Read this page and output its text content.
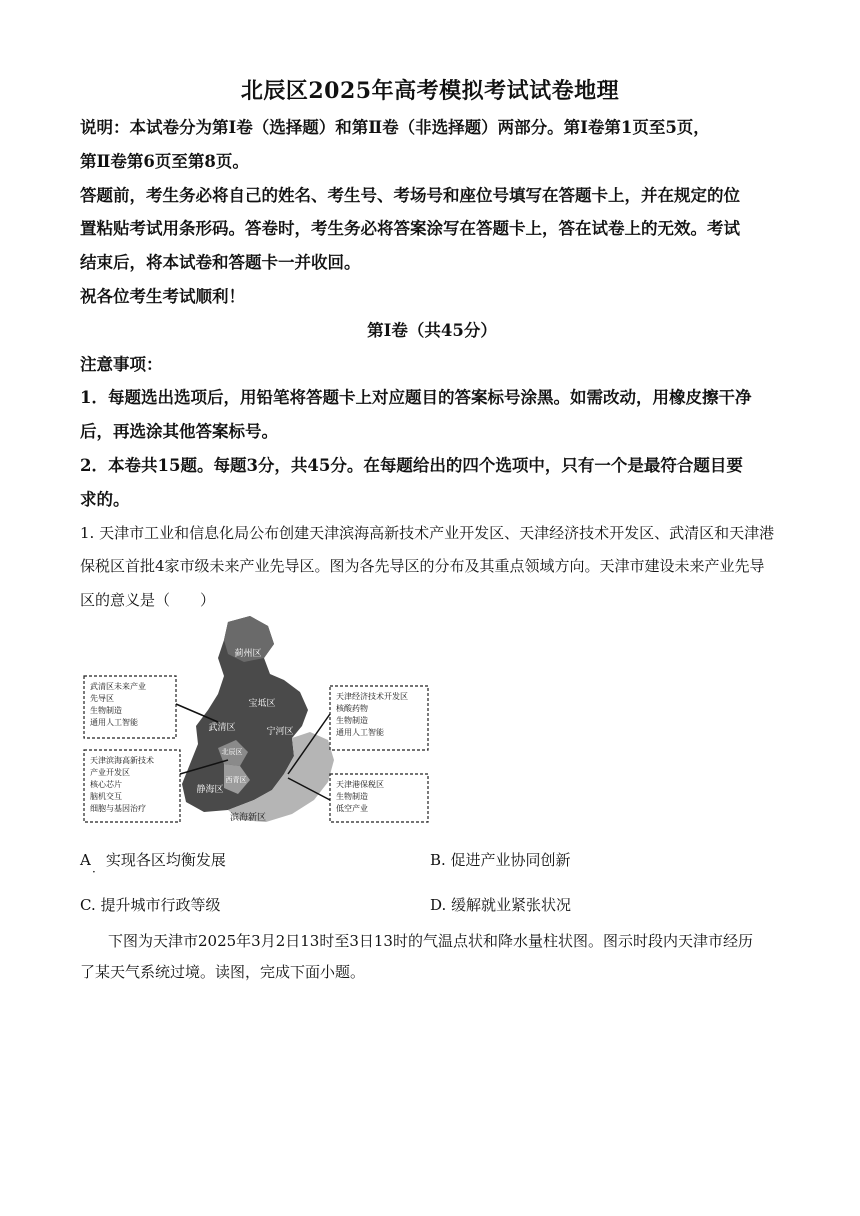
北辰区2025年高考模拟考试试卷地理
说明：本试卷分为第Ⅰ卷（选择题）和第Ⅱ卷（非选择题）两部分。第Ⅰ卷第1页至5页，
第Ⅱ卷第6页至第8页。
答题前，考生务必将自己的姓名、考生号、考场号和座位号填写在答题卡上，并在规定的位
置粘贴考试用条形码。答卷时，考生务必将答案涂写在答题卡上，答在试卷上的无效。考试
结束后，将本试卷和答题卡一并收回。
祝各位考生考试顺利！
第Ⅰ卷（共45分）
注意事项：
1．每题选出选项后，用铅笔将答题卡上对应题目的答案标号涂黑。如需改动，用橡皮擦干净
后，再选涂其他答案标号。
2．本卷共15题。每题3分，共45分。在每题给出的四个选项中，只有一个是最符合题目要
求的。
1. 天津市工业和信息化局公布创建天津滨海高新技术产业开发区、天津经济技术开发区、武清区和天津港
保税区首批4家市级未来产业先导区。图为各先导区的分布及其重点领域方向。天津市建设未来产业先导
区的意义是（　　）
蓟州区
宝坻区
武清区	宁河区
北辰区
西青区
静海区
滨海新区
武清区未来产业
先导区
生物制造
通用人工智能
天津滨海高新技术
产业开发区
核心芯片
脑机交互
细胞与基因治疗
天津经济技术开发区
核酸药物
生物制造
通用人工智能
天津港保税区
生物制造
低空产业
A　实现各区均衡发展	B. 促进产业协同创新
·
C. 提升城市行政等级	D. 缓解就业紧张状况
下图为天津市2025年3月2日13时至3日13时的气温点状和降水量柱状图。图示时段内天津市经历
了某天气系统过境。读图，完成下面小题。
